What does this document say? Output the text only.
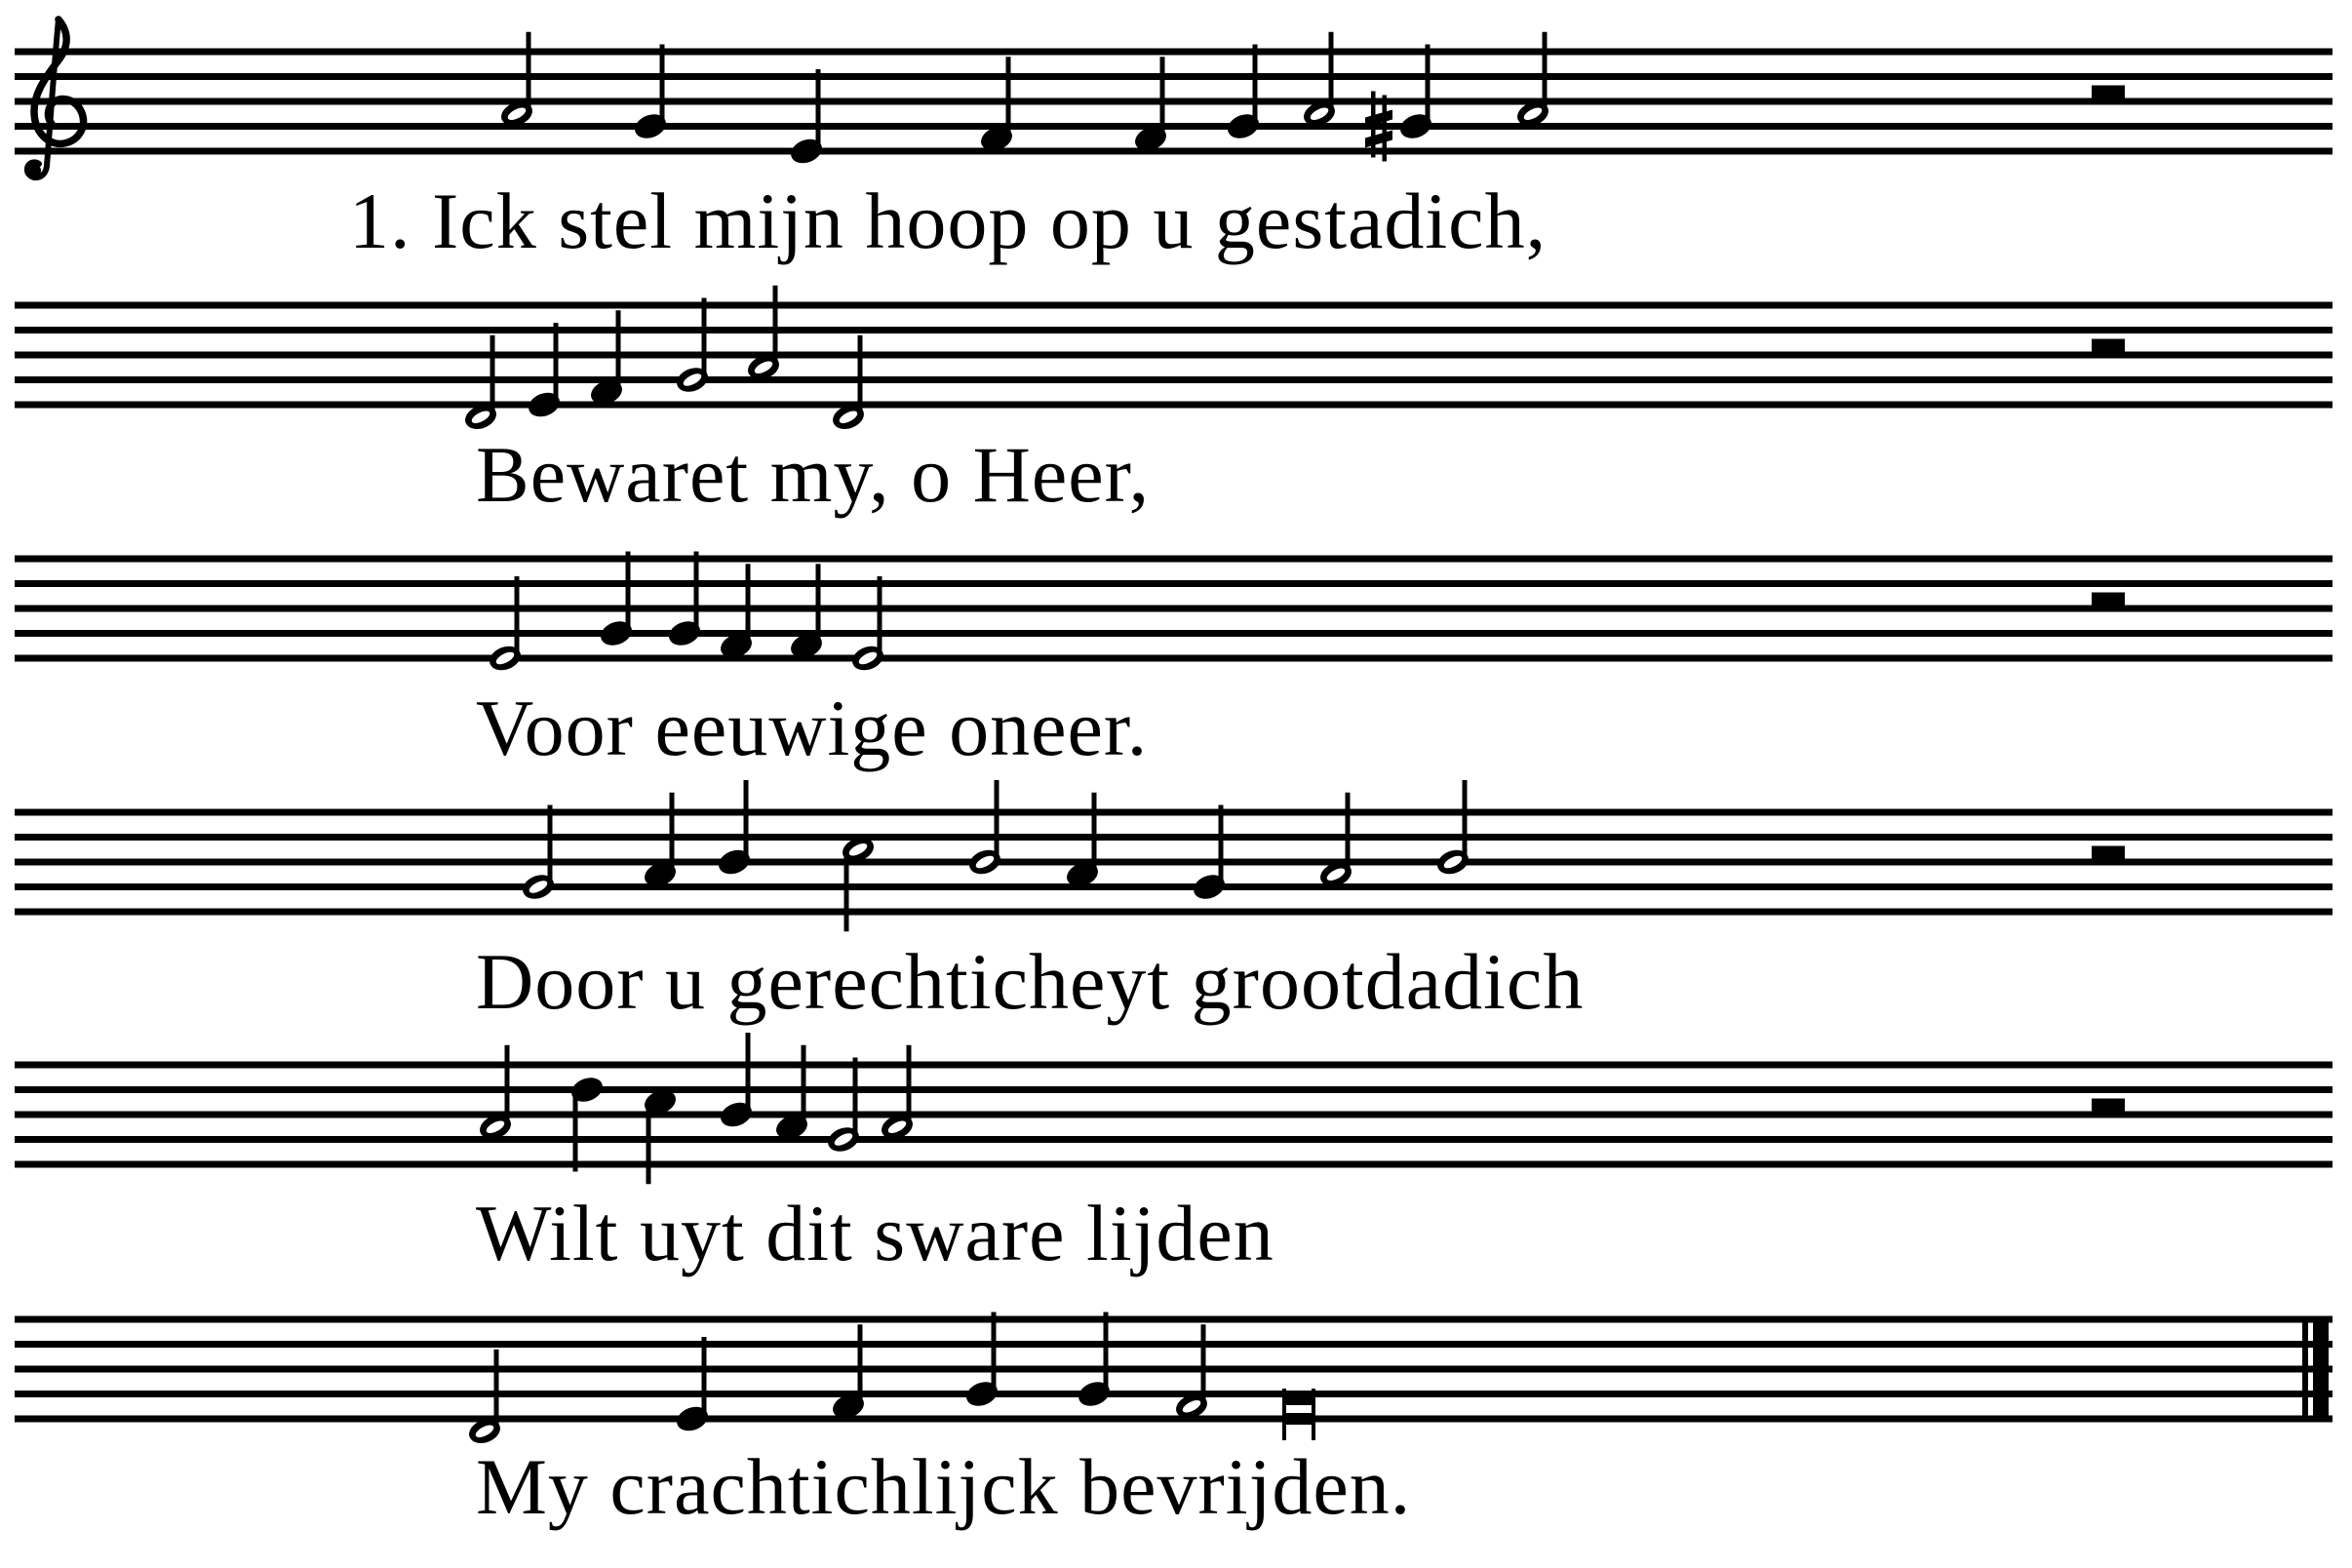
1. Ick stel mijn hoop op u gestadich,
Bewaret my, o Heer,
Voor eeuwige oneer.
Door u gerechticheyt grootdadich
Wilt uyt dit sware lijden
My crachtichlijck bevrijden.
